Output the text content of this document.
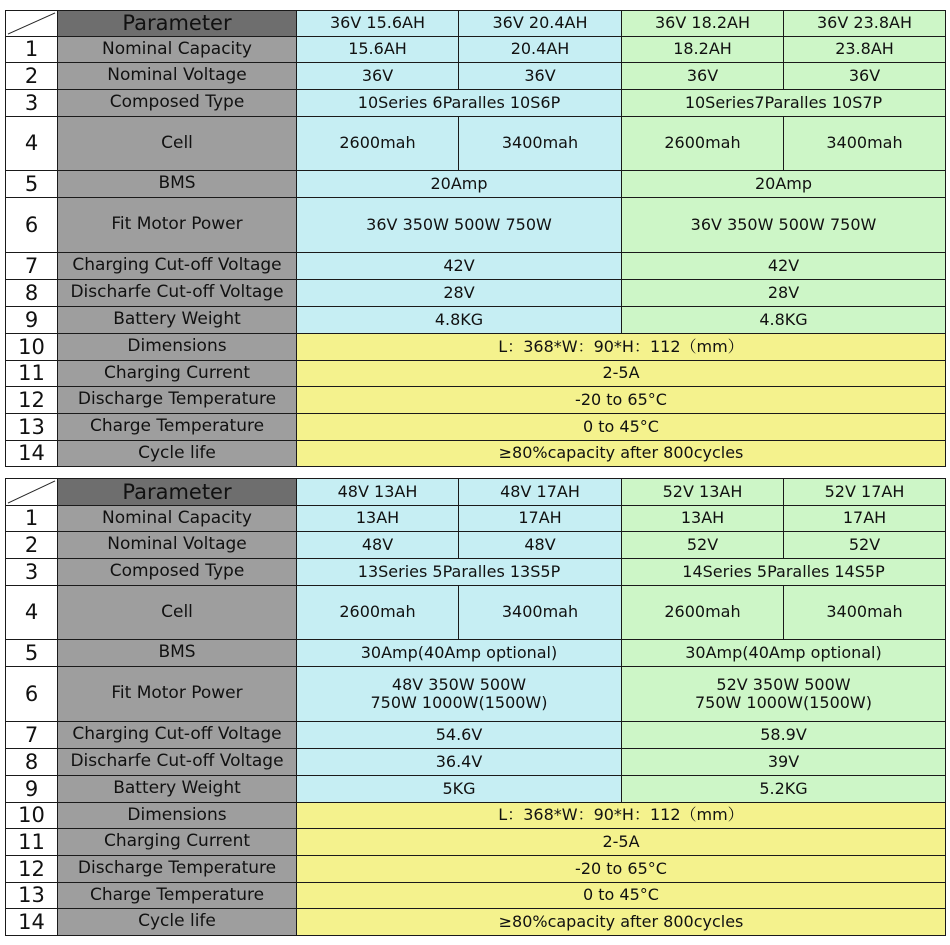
	Parameter	36V 15.6AH	36V 20.4AH	36V 18.2AH	36V 23.8AH
1	Nominal Capacity	15.6AH	20.4AH	18.2AH	23.8AH
2	Nominal Voltage	36V	36V	36V	36V
3	Composed Type	10Series 6Paralles 10S6P		10Series7Paralles 10S7P	
4	Cell	2600mah	3400mah	2600mah	3400mah
5	BMS	20Amp		20Amp	
6	Fit Motor Power	36V 350W 500W 750W		36V 350W 500W 750W	
7	Charging Cut-off Voltage	42V		42V	
8	Discharfe Cut-off Voltage	28V		28V	
9	Battery Weight	4.8KG		4.8KG	
10	Dimensions	L：368*W：90*H：112（mm）			
11	Charging Current	2-5A			
12	Discharge Temperature	-20 to 65°C			
13	Charge Temperature	0 to 45°C			
14	Cycle life	≥80%capacity after 800cycles			
	Parameter	48V 13AH	48V 17AH	52V 13AH	52V 17AH
1	Nominal Capacity	13AH	17AH	13AH	17AH
2	Nominal Voltage	48V	48V	52V	52V
3	Composed Type	13Series 5Paralles 13S5P		14Series 5Paralles 14S5P	
4	Cell	2600mah	3400mah	2600mah	3400mah
5	BMS	30Amp(40Amp optional)		30Amp(40Amp optional)	
6	Fit Motor Power	48V 350W 500W 750W 1000W(1500W)		52V 350W 500W 750W 1000W(1500W)	
7	Charging Cut-off Voltage	54.6V		58.9V	
8	Discharfe Cut-off Voltage	36.4V		39V	
9	Battery Weight	5KG		5.2KG	
10	Dimensions	L：368*W：90*H：112（mm）			
11	Charging Current	2-5A			
12	Discharge Temperature	-20 to 65°C			
13	Charge Temperature	0 to 45°C			
14	Cycle life	≥80%capacity after 800cycles			
